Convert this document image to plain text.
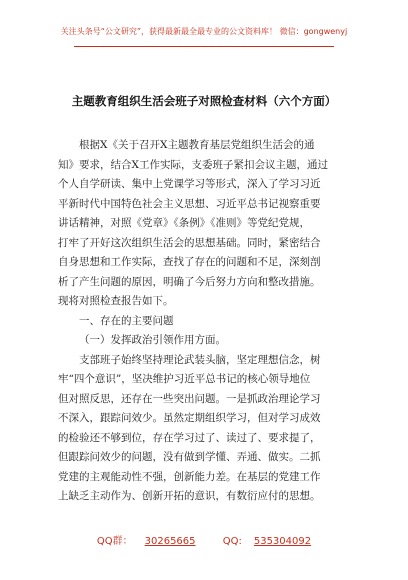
关注头条号“公文研究”，获得最新最全最专业的公文资料库！ 微信：gongwenyj
主题教育组织生活会班子对照检查材料（六个方面）
根据X《关于召开X主题教育基层党组织生活会的通
知》要求，结合X工作实际，支委班子紧扣会议主题，通过
个人自学研读、集中上党课学习等形式，深入了学习习近
平新时代中国特色社会主义思想、习近平总书记视察重要
讲话精神，对照《党章》《条例》《准则》等党纪党规，
打牢了开好这次组织生活会的思想基础。同时，紧密结合
自身思想和工作实际，查找了存在的问题和不足，深刻剖
析了产生问题的原因，明确了今后努力方向和整改措施。
现将对照检查报告如下。
一、存在的主要问题
（一）发挥政治引领作用方面。
支部班子始终坚持理论武装头脑，坚定理想信念，树
牢“四个意识”，坚决维护习近平总书记的核心领导地位
但对照反思，还存在一些突出问题。一是抓政治理论学习
不深入，跟踪问效少。虽然定期组织学习，但对学习成效
的检验还不够到位，存在学习过了、读过了、要求提了，
但跟踪问效少的问题，没有做到学懂、弄通、做实。二抓
党建的主观能动性不强，创新能力差。在基层的党建工作
上缺乏主动作为、创新开拓的意识，有数衍应付的思想。
QQ群： 30265665	QQ: 535304092
